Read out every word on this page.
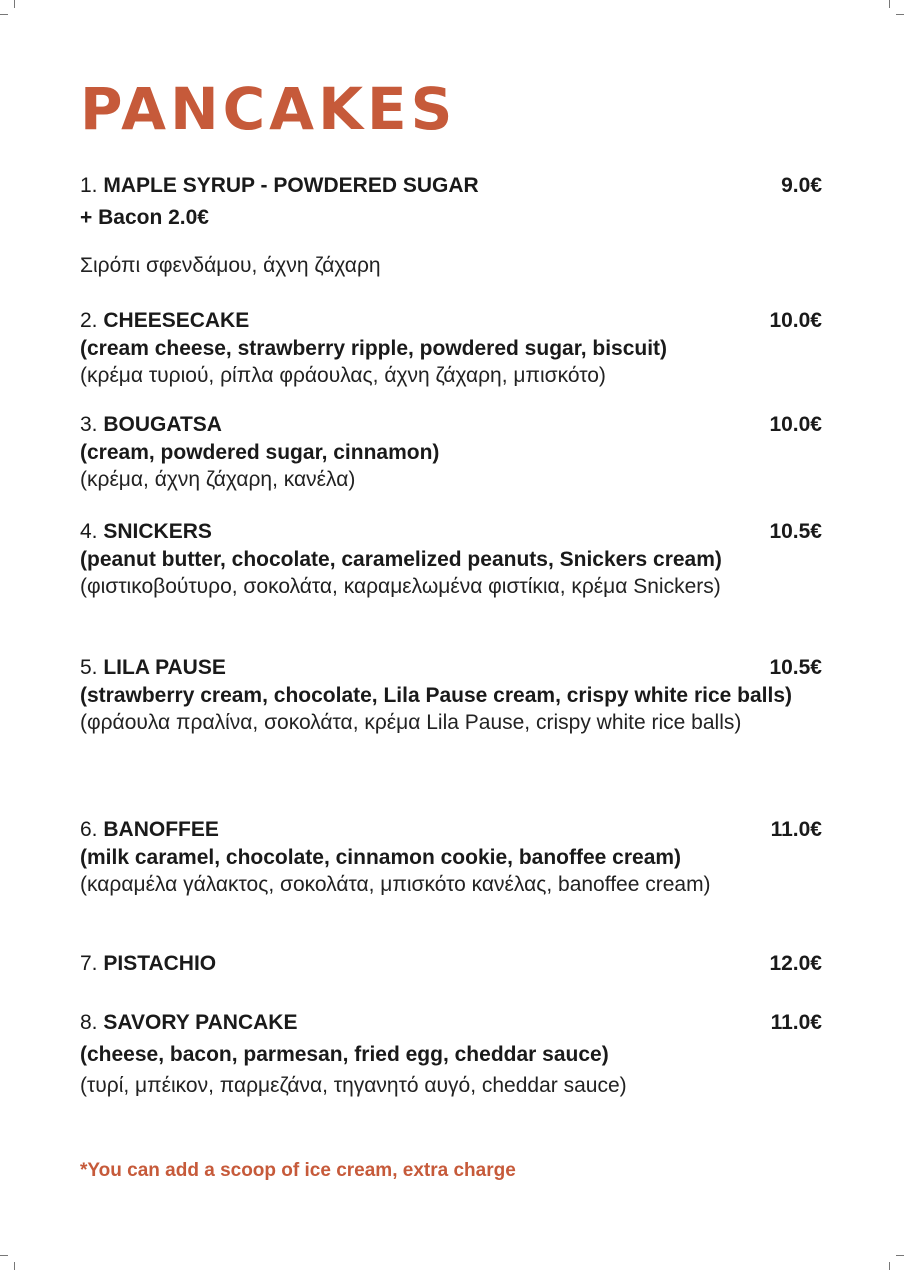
PANCAKES
1. MAPLE SYRUP - POWDERED SUGAR	9.0€

+ Bacon 2.0€

Σιρόπι σφενδάμου, άχνη ζάχαρη

2. CHEESECAKE	10.0€

(cream cheese, strawberry ripple, powdered sugar, biscuit)

(κρέμα τυριού, ρίπλα φράουλας, άχνη ζάχαρη, μπισκότο)

3. BOUGATSA	10.0€

(cream, powdered sugar, cinnamon)

(κρέμα, άχνη ζάχαρη, κανέλα)

4. SNICKERS	10.5€

(peanut butter, chocolate, caramelized peanuts, Snickers cream)

(φιστικοβούτυρο, σοκολάτα, καραμελωμένα φιστίκια, κρέμα Snickers)

5. LILA PAUSE	10.5€

(strawberry cream, chocolate, Lila Pause cream, crispy white rice balls)

(φράουλα πραλίνα, σοκολάτα, κρέμα Lila Pause, crispy white rice balls)

6. BANOFFEE	11.0€

(milk caramel, chocolate, cinnamon cookie, banoffee cream)

(καραμέλα γάλακτος, σοκολάτα, μπισκότο κανέλας, banoffee cream)

7. PISTACHIO	12.0€
8. SAVORY PANCAKE	11.0€

(cheese, bacon, parmesan, fried egg, cheddar sauce)

(τυρί, μπέικον, παρμεζάνα, τηγανητό αυγό, cheddar sauce)

*You can add a scoop of ice cream, extra charge
